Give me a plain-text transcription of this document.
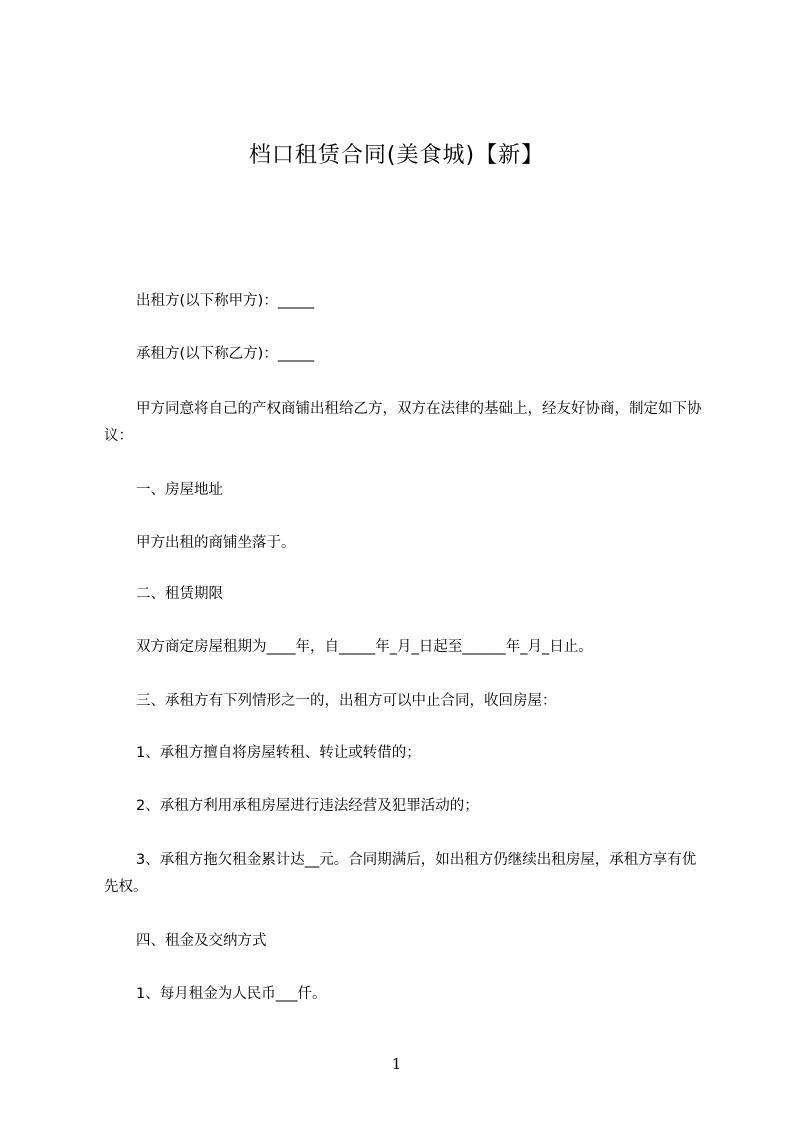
档口租赁合同(美食城)【新】
出租方(以下称甲方)：_____
承租方(以下称乙方)：_____
甲方同意将自己的产权商铺出租给乙方，双方在法律的基础上，经友好协商，制定如下协议：
一、房屋地址
甲方出租的商铺坐落于。
二、租赁期限
双方商定房屋租期为____年，自_____年_月_日起至______年_月_日止。
三、承租方有下列情形之一的，出租方可以中止合同，收回房屋：
1、承租方擅自将房屋转租、转让或转借的；
2、承租方利用承租房屋进行违法经营及犯罪活动的；
3、承租方拖欠租金累计达__元。合同期满后，如出租方仍继续出租房屋，承租方享有优先权。
四、租金及交纳方式
1、每月租金为人民币___仟。
1
